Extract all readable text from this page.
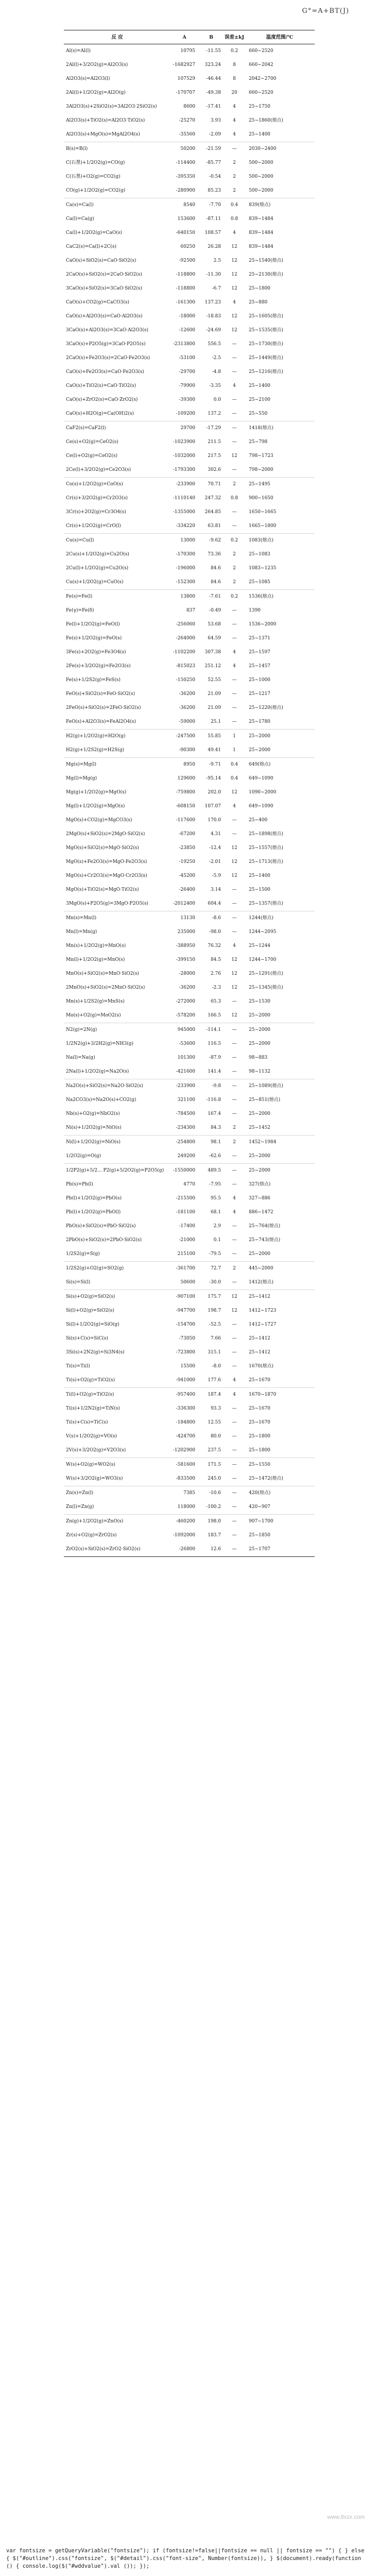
G°=A+BT(J)
反 应	A	B	误差±kJ	温度范围/℃
Al(s)=Al(l)	10795	-11.55	0.2	660~2520
2Al(l)+3/2O2(g)=Al2O3(s)	-1682927	323.24	8	660~2042
Al2O3(s)=Al2O3(l)	107529	-46.44	8	2042~2700
2Al(l)+1/2O2(g)=Al2O(g)	-170707	-49.38	20	660~2520
3Al2O3(s)+2SiO2(s)=3Al2O3·2SiO2(s)	8600	-17.41	4	25~1750
Al2O3(s)+TiO2(s)=Al2O3·TiO2(s)	-25270	3.93	4	25~1860(熔点)
Al2O3(s)+MgO(s)=MgAl2O4(s)	-35560	-2.09	4	25~1400
B(s)=B(l)	50200	-21.59	—	2030~2400
C(石墨)+1/2O2(g)=CO(g)	-114400	-85.77	2	500~2000
C(石墨)+O2(g)=CO2(g)	-395350	-0.54	2	500~2000
CO(g)+1/2O2(g)=CO2(g)	-280900	85.23	2	500~2000
Ca(s)=Ca(l)	8540	-7.70	0.4	839(熔点)
Ca(l)=Ca(g)	153600	-87.11	0.8	839~1484
Ca(l)+1/2O2(g)=CaO(s)	-640150	108.57	4	839~1484
CaC2(s)=Ca(l)+2C(s)	60250	26.28	12	839~1484
CaO(s)+SiO2(s)=CaO·SiO2(s)	-92500	2.5	12	25~1540(熔点)
2CaO(s)+SiO2(s)=2CaO·SiO2(s)	-118800	-11.30	12	25~2130(熔点)
3CaO(s)+SiO2(s)=3CaO·SiO2(s)	-118800	-6.7	12	25~1800
CaO(s)+CO2(g)=CaCO3(s)	-161300	137.23	4	25~880
CaO(s)+Al2O3(s)=CaO·Al2O3(s)	-18000	-18.83	12	25~1605(熔点)
3CaO(s)+Al2O3(s)=3CaO·Al2O3(s)	-12600	-24.69	12	25~1535(熔点)
3CaO(s)+P2O5(g)=3CaO·P2O5(s)	-2313800	556.5	—	25~1730(熔点)
2CaO(s)+Fe2O3(s)=2CaO·Fe2O3(s)	-53100	-2.5	—	25~1449(熔点)
CaO(s)+Fe2O3(s)=CaO·Fe2O3(s)	-29700	-4.8	—	25~1216(熔点)
CaO(s)+TiO2(s)=CaO·TiO2(s)	-79900	-3.35	4	25~1400
CaO(s)+ZrO2(s)=CaO·ZrO2(s)	-39300	0.0	—	25~2100
CaO(s)+H2O(g)=Ca(OH)2(s)	-109200	137.2	—	25~550
CaF2(s)=CaF2(l)	29700	-17.29	—	1418(熔点)
Ce(s)+O2(g)=CeO2(s)	-1023900	211.5	—	25~798
Ce(l)+O2(g)=CeO2(s)	-1032000	217.5	12	798~1723
2Ce(l)+3/2O2(g)=Ce2O3(s)	-1793300	302.6	—	798~2000
Co(s)+1/2O2(g)=CoO(s)	-233900	70.71	2	25~1495
Cr(s)+3/2O2(g)=Cr2O3(s)	-1110140	247.32	0.8	900~1650
3Cr(s)+2O2(g)=Cr3O4(s)	-1355000	264.85	—	1650~1665
Cr(s)+1/2O2(g)=CrO(l)	-334220	63.81	—	1665~1800
Cu(s)=Cu(l)	13000	-9.62	0.2	1083(熔点)
2Cu(s)+1/2O2(g)=Cu2O(s)	-170300	73.36	2	25~1083
2Cu(l)+1/2O2(g)=Cu2O(s)	-196000	84.6	2	1083~1235
Cu(s)+1/2O2(g)=CuO(s)	-152300	84.6	2	25~1085
Fe(s)=Fe(l)	13800	-7.61	0.2	1536(熔点)
Fe(γ)=Fe(δ)	837	-0.49	—	1390
Fe(l)+1/2O2(g)=FeO(l)	-256060	53.68	—	1536~2000
Fe(s)+1/2O2(g)=FeO(s)	-264000	64.59	—	25~1371
3Fe(s)+2O2(g)=Fe3O4(s)	-1102200	307.38	4	25~1597
2Fe(s)+3/2O2(g)=Fe2O3(s)	-815023	251.12	4	25~1457
Fe(s)+1/2S2(g)=FeS(s)	-150250	52.55	—	25~1000
FeO(s)+SiO2(s)=FeO·SiO2(s)	-36200	21.09	—	25~1217
2FeO(s)+SiO2(s)=2FeO·SiO2(s)	-36200	21.09	—	25~1220(熔点)
FeO(s)+Al2O3(s)=FeAl2O4(s)	-59000	25.1	—	25~1780
H2(g)+1/2O2(g)=H2O(g)	-247500	55.85	1	25~2000
H2(g)+1/2S2(g)=H2S(g)	-90300	49.41	1	25~2000
Mg(s)=Mg(l)	8950	-9.71	0.4	649(熔点)
Mg(l)=Mg(g)	129600	-95.14	0.4	649~1090
Mg(g)+1/2O2(g)=MgO(s)	-759800	202.0	12	1090~2000
Mg(l)+1/2O2(g)=MgO(s)	-608150	107.07	4	649~1090
MgO(s)+CO2(g)=MgCO3(s)	-117600	170.0	—	25~400
2MgO(s)+SiO2(s)=2MgO·SiO2(s)	-67200	4.31	—	25~1898(熔点)
MgO(s)+SiO2(s)=MgO·SiO2(s)	-23850	-12.4	12	25~1557(熔点)
MgO(s)+Fe2O3(s)=MgO·Fe2O3(s)	-19250	-2.01	12	25~1713(熔点)
MgO(s)+Cr2O3(s)=MgO·Cr2O3(s)	-45200	-5.9	12	25~1400
MgO(s)+TiO2(s)=MgO·TiO2(s)	-26400	3.14	—	25~1500
3MgO(s)+P2O5(g)=3MgO·P2O5(s)	-2012400	604.4	—	25~1357(熔点)
Mn(s)=Mn(l)	13130	-8.6	—	1244(熔点)
Mn(l)=Mn(g)	235000	-98.0	—	1244~2095
Mn(s)+1/2O2(g)=MnO(s)	-388950	76.32	4	25~1244
Mn(l)+1/2O2(g)=MnO(s)	-399150	84.5	12	1244~1700
MnO(s)+SiO2(s)=MnO·SiO2(s)	-28000	2.76	12	25~1291(熔点)
2MnO(s)+SiO2(s)=2MnO·SiO2(s)	-36200	-2.3	12	25~1345(熔点)
Mn(s)+1/2S2(g)=MnS(s)	-272000	65.3	—	25~1530
Mo(s)+O2(g)=MoO2(s)	-578200	166.5	12	25~2000
N2(g)=2N(g)	945000	-114.1	—	25~2000
1/2N2(g)+3/2H2(g)=NH3(g)	-53600	116.5	—	25~2000
Na(l)=Na(g)	101300	-87.9	—	98~883
2Na(l)+1/2O2(g)=Na2O(s)	-421600	141.4	—	98~1132
Na2O(s)+SiO2(s)=Na2O·SiO2(s)	-233900	-9.8	—	25~1089(熔点)
Na2CO3(s)=Na2O(s)+CO2(g)	321100	-116.8	—	25~851(熔点)
Nb(s)+O2(g)=NbO2(s)	-784500	167.4	—	25~2000
Ni(s)+1/2O2(g)=NiO(s)	-234300	84.3	2	25~1452
Ni(l)+1/2O2(g)=NiO(s)	-254800	98.1	2	1452~1984
1/2O2(g)=O(g)	249200	-62.6	—	25~2000
1/2P2(g)+5/2... P2(g)+5/2O2(g)=P2O5(g)	-1550000	489.5	—	25~2000
Pb(s)=Pb(l)	4770	-7.95	—	327(熔点)
Pb(l)+1/2O2(g)=PbO(s)	-215500	95.5	4	327~886
Pb(l)+1/2O2(g)=PbO(l)	-181100	68.1	4	886~1472
PbO(s)+SiO2(s)=PbO·SiO2(s)	-17400	2.9	—	25~764(熔点)
2PbO(s)+SiO2(s)=2PbO·SiO2(s)	-21000	0.1	—	25~743(熔点)
1/2S2(g)=S(g)	215100	-79.5	—	25~2000
1/2S2(g)+O2(g)=SO2(g)	-361700	72.7	2	445~2000
Si(s)=Si(l)	50600	-30.0	—	1412(熔点)
Si(s)+O2(g)=SiO2(s)	-907100	175.7	12	25~1412
Si(l)+O2(g)=SiO2(s)	-947700	198.7	12	1412~1723
Si(l)+1/2O2(g)=SiO(g)	-154700	-52.5	—	1412~1727
Si(s)+C(s)=SiC(s)	-73050	7.66	—	25~1412
3Si(s)+2N2(g)=Si3N4(s)	-723800	315.1	—	25~1412
Ti(s)=Ti(l)	15500	-8.0	—	1670(熔点)
Ti(s)+O2(g)=TiO2(s)	-941000	177.6	4	25~1670
Ti(l)+O2(g)=TiO2(s)	-957400	187.4	4	1670~1870
Ti(s)+1/2N2(g)=TiN(s)	-336300	93.3	—	25~1670
Ti(s)+C(s)=TiC(s)	-184800	12.55	—	25~1670
V(s)+1/2O2(g)=VO(s)	-424700	80.0	—	25~1800
2V(s)+3/2O2(g)=V2O3(s)	-1202900	237.5	—	25~1800
W(s)+O2(g)=WO2(s)	-581600	171.5	—	25~1550
W(s)+3/2O2(g)=WO3(s)	-833500	245.0	—	25~1472(熔点)
Zn(s)=Zn(l)	7385	-10.6	—	420(熔点)
Zn(l)=Zn(g)	118000	-100.2	—	420~907
Zn(g)+1/2O2(g)=ZnO(s)	-460200	198.0	—	907~1700
Zr(s)+O2(g)=ZrO2(s)	-1092000	183.7	—	25~1850
ZrO2(s)+SiO2(s)=ZrO2·SiO2(s)	-26800	12.6	—	25~1707
www.8xzx.com
var fontsize = getQueryVariable("fontsize"); if (fontsize!=false||fontsize == null || fontsize == "") { } else { $("#outline").css("fontsize", $("#detail").css("font-size", Number(fontsize)), } $(document).ready(function () { console.log($("#wddvalue").val ()); });
